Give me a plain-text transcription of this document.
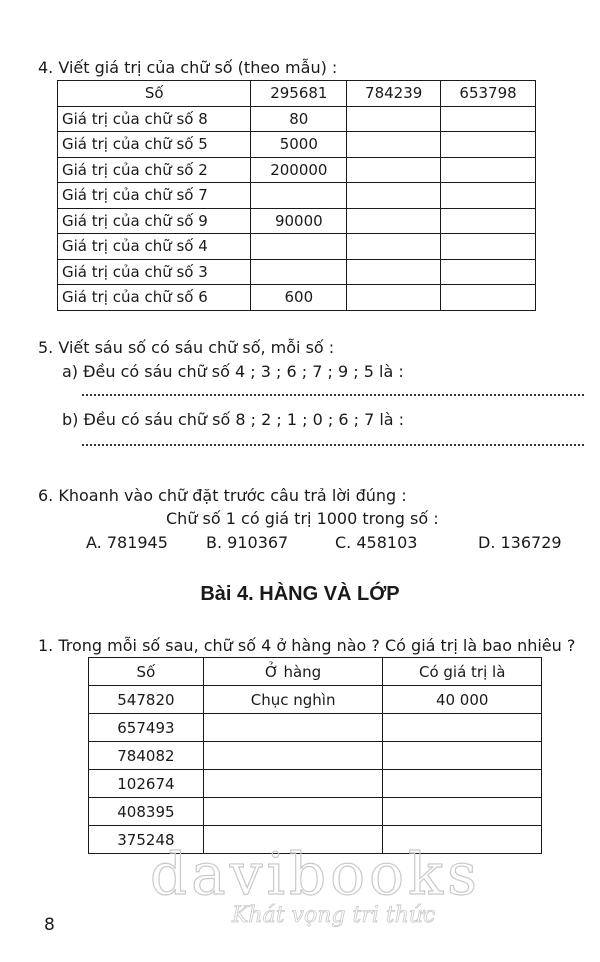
4. Viết giá trị của chữ số (theo mẫu) :
Số	295681	784239	653798
Giá trị của chữ số 8	80		
Giá trị của chữ số 5	5000		
Giá trị của chữ số 2	200000		
Giá trị của chữ số 7			
Giá trị của chữ số 9	90000		
Giá trị của chữ số 4			
Giá trị của chữ số 3			
Giá trị của chữ số 6	600		
5. Viết sáu số có sáu chữ số, mỗi số :
a) Đều có sáu chữ số 4 ; 3 ; 6 ; 7 ; 9 ; 5 là :
b) Đều có sáu chữ số 8 ; 2 ; 1 ; 0 ; 6 ; 7 là :
6. Khoanh vào chữ đặt trước câu trả lời đúng :
Chữ số 1 có giá trị 1000 trong số :
A. 781945 B. 910367	C. 458103	D. 136729
Bài 4. HÀNG VÀ LỚP
1. Trong mỗi số sau, chữ số 4 ở hàng nào ? Có giá trị là bao nhiêu ?
Số	Ở hàng	Có giá trị là
547820	Chục nghìn	40 000
657493		
784082		
102674		
408395		
375248		
davibooks
Khát vọng tri thức
8
